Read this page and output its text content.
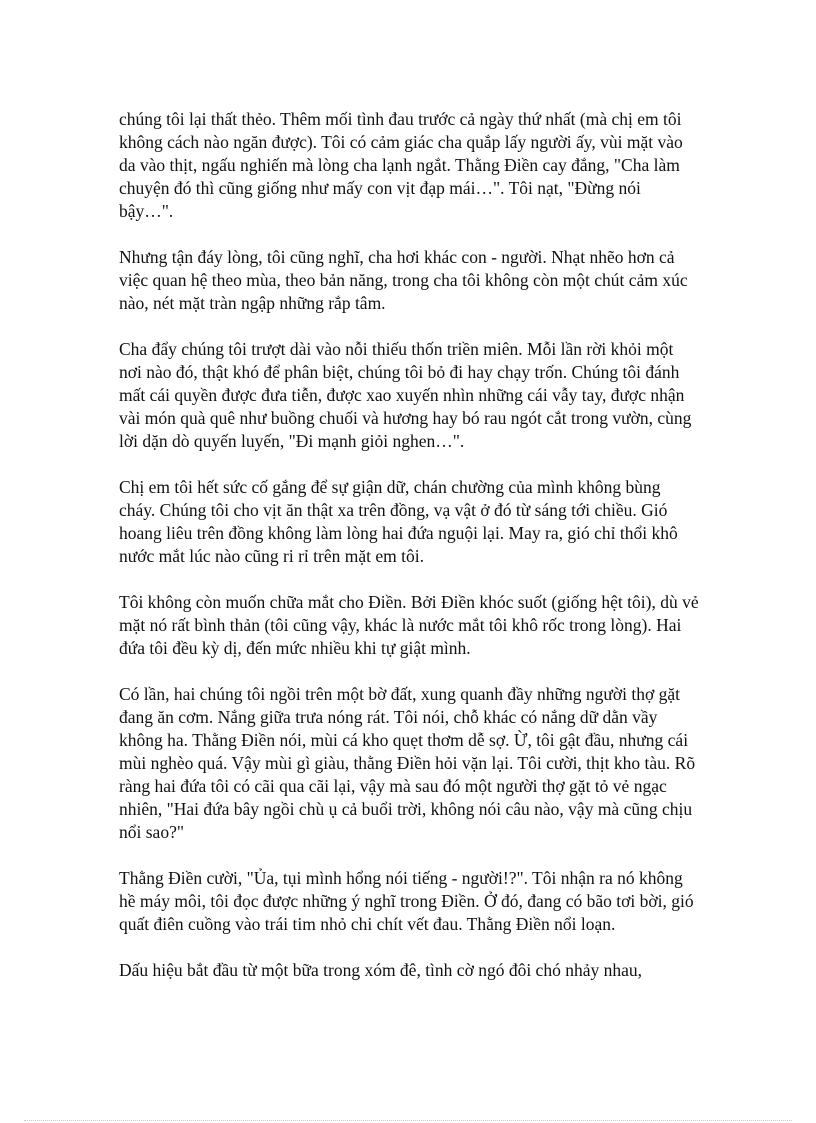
chúng tôi lại thất thẻo. Thêm mối tình đau trước cả ngày thứ nhất (mà chị em tôi không cách nào ngăn được). Tôi có cảm giác cha quắp lấy người ấy, vùi mặt vào da vào thịt, ngấu nghiến mà lòng cha lạnh ngắt. Thằng Điền cay đắng, "Cha làm chuyện đó thì cũng giống như mấy con vịt đạp mái…". Tôi nạt, "Đừng nói bậy…".

Nhưng tận đáy lòng, tôi cũng nghĩ, cha hơi khác con - người. Nhạt nhẽo hơn cả việc quan hệ theo mùa, theo bản năng, trong cha tôi không còn một chút cảm xúc nào, nét mặt tràn ngập những rắp tâm.

Cha đẩy chúng tôi trượt dài vào nỗi thiếu thốn triền miên. Mỗi lần rời khỏi một nơi nào đó, thật khó để phân biệt, chúng tôi bỏ đi hay chạy trốn. Chúng tôi đánh mất cái quyền được đưa tiễn, được xao xuyến nhìn những cái vẫy tay, được nhận vài món quà quê như buồng chuối và hương hay bó rau ngót cắt trong vườn, cùng lời dặn dò quyến luyến, "Đi mạnh giỏi nghen…".

Chị em tôi hết sức cố gắng để sự giận dữ, chán chường của mình không bùng cháy. Chúng tôi cho vịt ăn thật xa trên đồng, vạ vật ở đó từ sáng tới chiều. Gió hoang liêu trên đồng không làm lòng hai đứa nguội lại. May ra, gió chỉ thổi khô nước mắt lúc nào cũng ri rỉ trên mặt em tôi.

Tôi không còn muốn chữa mắt cho Điền. Bởi Điền khóc suốt (giống hệt tôi), dù vẻ mặt nó rất bình thản (tôi cũng vậy, khác là nước mắt tôi khô rốc trong lòng). Hai đứa tôi đều kỳ dị, đến mức nhiều khi tự giật mình.

Có lần, hai chúng tôi ngồi trên một bờ đất, xung quanh đầy những người thợ gặt đang ăn cơm. Nắng giữa trưa nóng rát. Tôi nói, chỗ khác có nắng dữ dằn vầy không ha. Thằng Điền nói, mùi cá kho quẹt thơm dễ sợ. Ừ, tôi gật đầu, nhưng cái mùi nghèo quá. Vậy mùi gì giàu, thằng Điền hỏi vặn lại. Tôi cười, thịt kho tàu. Rõ ràng hai đứa tôi có cãi qua cãi lại, vậy mà sau đó một người thợ gặt tỏ vẻ ngạc nhiên, "Hai đứa bây ngồi chù ụ cả buổi trời, không nói câu nào, vậy mà cũng chịu nổi sao?"

Thằng Điền cười, "Ủa, tụi mình hổng nói tiếng - người!?". Tôi nhận ra nó không hề máy môi, tôi đọc được những ý nghĩ trong Điền. Ở đó, đang có bão tơi bời, gió quất điên cuồng vào trái tim nhỏ chi chít vết đau. Thằng Điền nổi loạn.

Dấu hiệu bắt đầu từ một bữa trong xóm đê, tình cờ ngó đôi chó nhảy nhau,
